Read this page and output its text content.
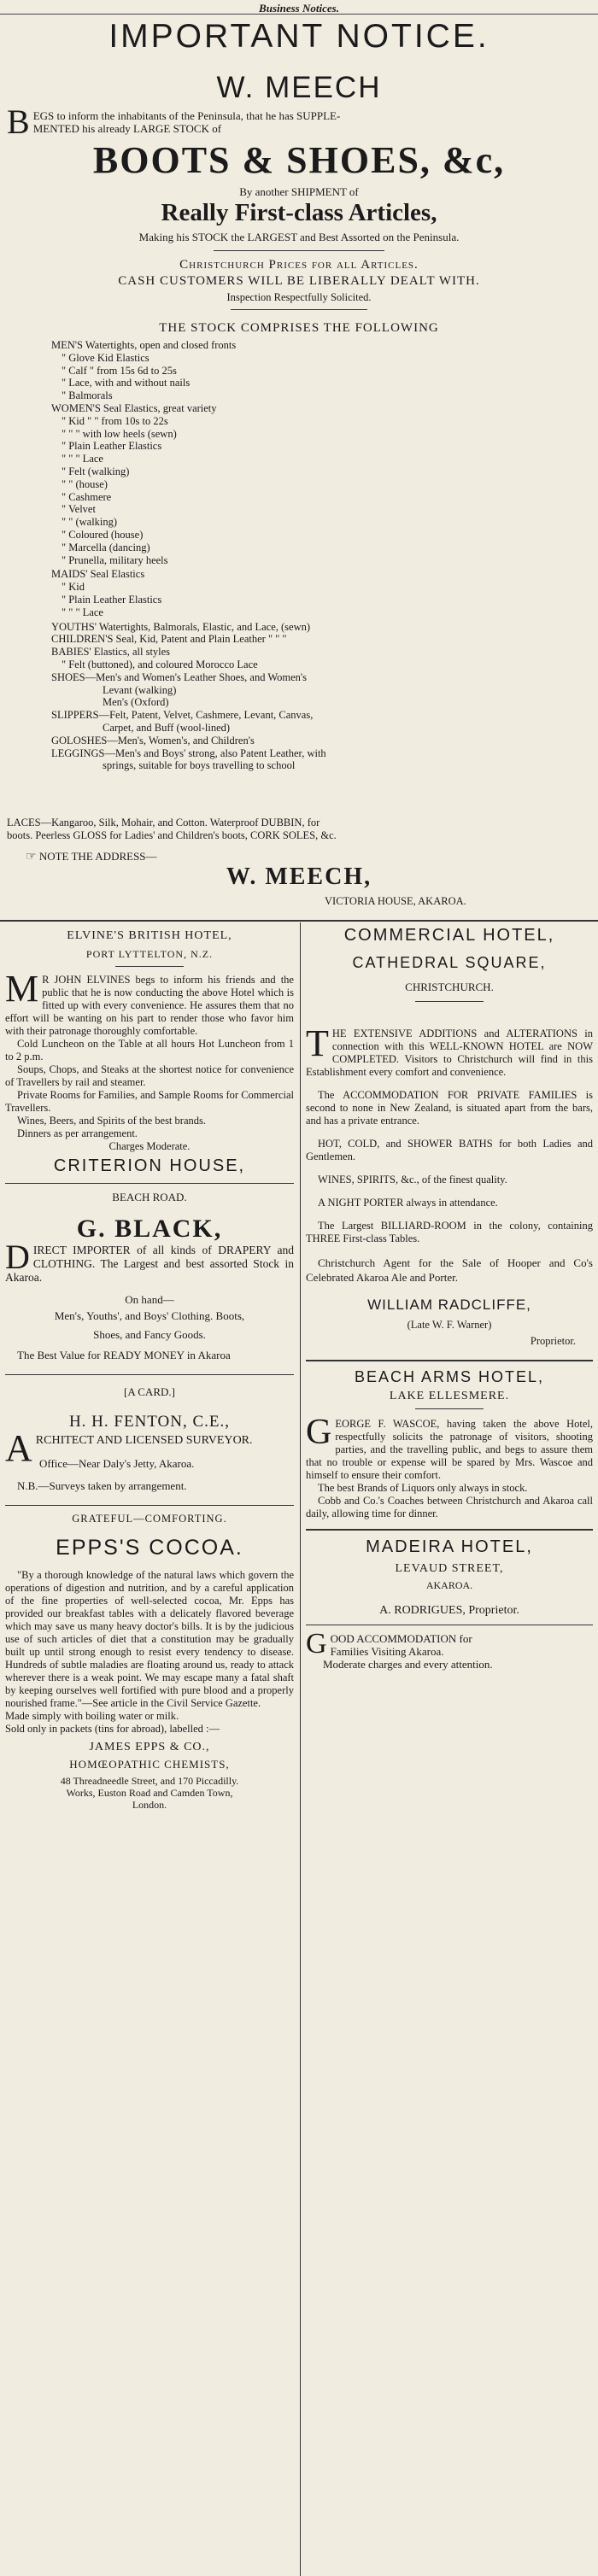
Business Notices.
IMPORTANT NOTICE.
W. MEECH
B EGS to inform the inhabitants of the Peninsula, that he has SUPPLE-
MENTED his already LARGE STOCK of
BOOTS & SHOES, &c,
By another SHIPMENT of
Really First-class Articles,
Making his STOCK the LARGEST and Best Assorted on the Peninsula.
Christchurch Prices for all Articles.
CASH CUSTOMERS WILL BE LIBERALLY DEALT WITH.
Inspection Respectfully Solicited.
THE STOCK COMPRISES THE FOLLOWING
MEN'S Watertights, open and closed fronts
" Glove Kid Elastics
" Calf " from 15s 6d to 25s
" Lace, with and without nails
" Balmorals
WOMEN'S Seal Elastics, great variety
" Kid " " from 10s to 22s
" " " with low heels (sewn)
" Plain Leather Elastics
" " " Lace
" Felt (walking)
" " (house)
" Cashmere
" Velvet
" " (walking)
" Coloured (house)
" Marcella (dancing)
" Prunella, military heels
MAIDS' Seal Elastics
" Kid
" Plain Leather Elastics
" " " Lace
YOUTHS' Watertights, Balmorals, Elastic, and Lace, (sewn)
CHILDREN'S Seal, Kid, Patent and Plain Leather " " "
BABIES' Elastics, all styles
" Felt (buttoned), and coloured Morocco Lace
SHOES—Men's and Women's Leather Shoes, and Women's
Levant (walking)
Men's (Oxford)
SLIPPERS—Felt, Patent, Velvet, Cashmere, Levant, Canvas,
Carpet, and Buff (wool-lined)
GOLOSHES—Men's, Women's, and Children's
LEGGINGS—Men's and Boys' strong, also Patent Leather, with
springs, suitable for boys travelling to school
LACES—Kangaroo, Silk, Mohair, and Cotton. Waterproof DUBBIN, for
boots. Peerless GLOSS for Ladies' and Children's boots, CORK SOLES, &c.
☞ NOTE THE ADDRESS—
W. MEECH,
VICTORIA HOUSE, AKAROA.
ELVINE'S BRITISH HOTEL,
PORT LYTTELTON, N.Z.
M R JOHN ELVINES begs to inform his friends and the public that he is now conducting the above Hotel which is fitted up with every convenience. He assures them that no effort will be wanting on his part to render those who favor him with their patronage thoroughly comfortable.

Cold Luncheon on the Table at all hours Hot Luncheon from 1 to 2 p.m.

Soups, Chops, and Steaks at the shortest notice for convenience of Travellers by rail and steamer.

Private Rooms for Families, and Sample Rooms for Commercial Travellers.

Wines, Beers, and Spirits of the best brands.

Dinners as per arrangement.

Charges Moderate.

CRITERION HOUSE,
BEACH ROAD.
G. BLACK,
D IRECT IMPORTER of all kinds of DRAPERY and CLOTHING. The Largest and best assorted Stock in Akaroa.
On hand—
Men's, Youths', and Boys' Clothing. Boots, Shoes, and Fancy Goods.
The Best Value for READY MONEY in Akaroa
[A CARD.]
H. H. FENTON, C.E.,
A RCHITECT AND LICENSED SURVEYOR.
Office—Near Daly's Jetty, Akaroa.
N.B.—Surveys taken by arrangement.
GRATEFUL—COMFORTING.
EPPS'S COCOA.
"By a thorough knowledge of the natural laws which govern the operations of digestion and nutrition, and by a careful application of the fine properties of well-selected cocoa, Mr. Epps has provided our breakfast tables with a delicately flavored beverage which may save us many heavy doctor's bills. It is by the judicious use of such articles of diet that a constitution may be gradually built up until strong enough to resist every tendency to disease. Hundreds of subtle maladies are floating around us, ready to attack wherever there is a weak point. We may escape many a fatal shaft by keeping ourselves well fortified with pure blood and a properly nourished frame."—See article in the Civil Service Gazette.
Made simply with boiling water or milk.
Sold only in packets (tins for abroad), labelled :—
JAMES EPPS & CO.,
HOMŒOPATHIC CHEMISTS,
48 Threadneedle Street, and 170 Piccadilly.
Works, Euston Road and Camden Town,
London.
COMMERCIAL HOTEL,
CATHEDRAL SQUARE,
CHRISTCHURCH.
T HE EXTENSIVE ADDITIONS and ALTERATIONS in connection with this WELL-KNOWN HOTEL are NOW COMPLETED. Visitors to Christchurch will find in this Establishment every comfort and convenience.

The ACCOMMODATION FOR PRIVATE FAMILIES is second to none in New Zealand, is situated apart from the bars, and has a private entrance.

HOT, COLD, and SHOWER BATHS for both Ladies and Gentlemen.

WINES, SPIRITS, &c., of the finest quality.

A NIGHT PORTER always in attendance.

The Largest BILLIARD-ROOM in the colony, containing THREE First-class Tables.

Christchurch Agent for the Sale of Hooper and Co's Celebrated Akaroa Ale and Porter.

WILLIAM RADCLIFFE,
(Late W. F. Warner)
Proprietor.
BEACH ARMS HOTEL,
LAKE ELLESMERE.
G EORGE F. WASCOE, having taken the above Hotel, respectfully solicits the patronage of visitors, shooting parties, and the travelling public, and begs to assure them that no trouble or expense will be spared by Mrs. Wascoe and himself to ensure their comfort.

The best Brands of Liquors only always in stock.

Cobb and Co.'s Coaches between Christchurch and Akaroa call daily, allowing time for dinner.

MADEIRA HOTEL,
LEVAUD STREET,
AKAROA.
A. RODRIGUES, Proprietor.
G OOD ACCOMMODATION for
Families Visiting Akaroa.
Moderate charges and every attention.
